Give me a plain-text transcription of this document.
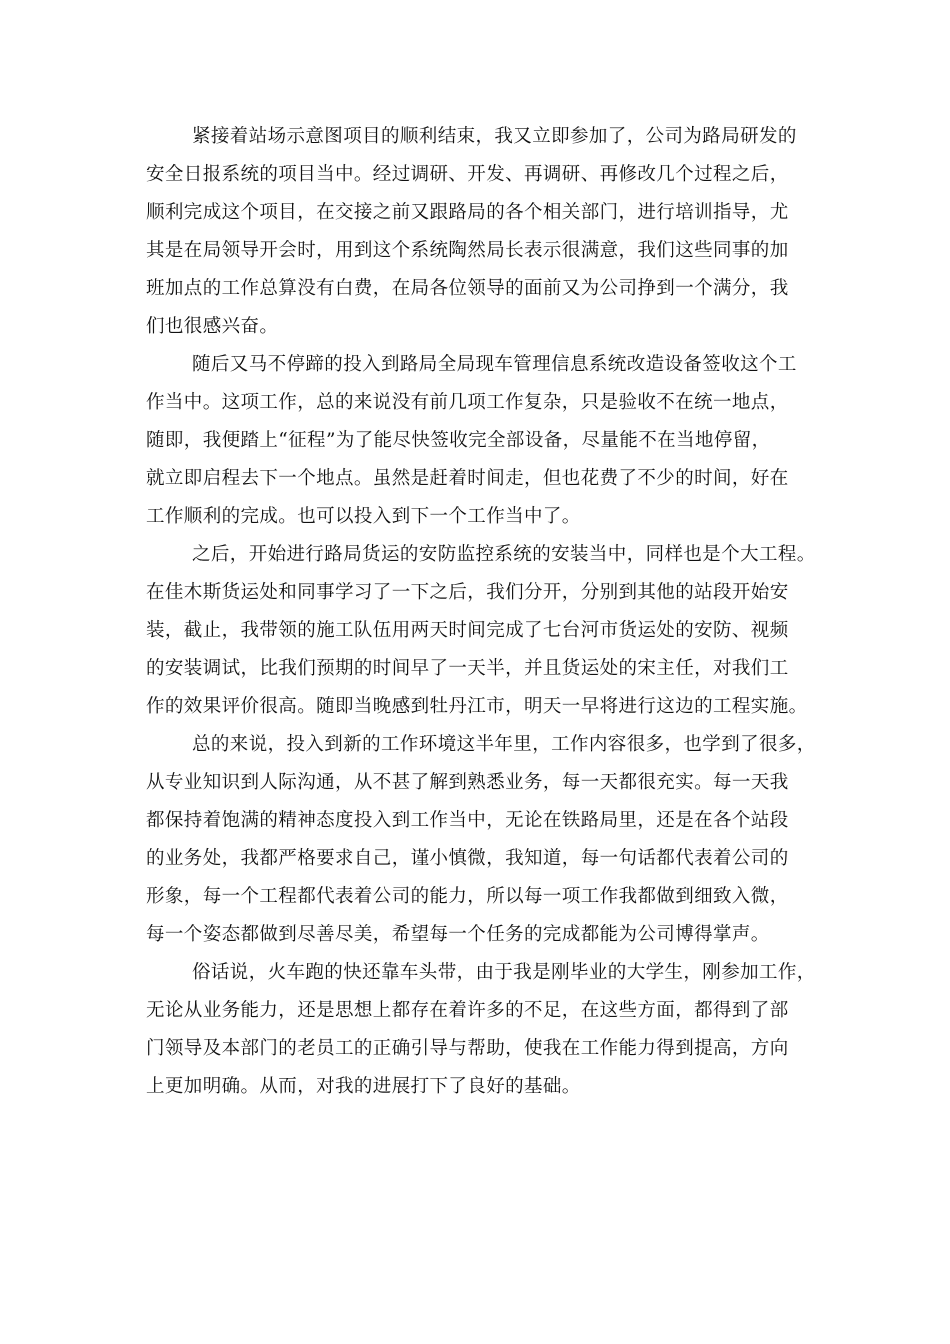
紧接着站场示意图项目的顺利结束，我又立即参加了，公司为路局研发的
安全日报系统的项目当中。经过调研、开发、再调研、再修改几个过程之后，
顺利完成这个项目，在交接之前又跟路局的各个相关部门，进行培训指导，尤
其是在局领导开会时，用到这个系统陶然局长表示很满意，我们这些同事的加
班加点的工作总算没有白费，在局各位领导的面前又为公司挣到一个满分，我
们也很感兴奋。
随后又马不停蹄的投入到路局全局现车管理信息系统改造设备签收这个工
作当中。这项工作，总的来说没有前几项工作复杂，只是验收不在统一地点，
随即，我便踏上“征程”为了能尽快签收完全部设备，尽量能不在当地停留，
就立即启程去下一个地点。虽然是赶着时间走，但也花费了不少的时间，好在
工作顺利的完成。也可以投入到下一个工作当中了。
之后，开始进行路局货运的安防监控系统的安装当中，同样也是个大工程。
在佳木斯货运处和同事学习了一下之后，我们分开，分别到其他的站段开始安
装，截止，我带领的施工队伍用两天时间完成了七台河市货运处的安防、视频
的安装调试，比我们预期的时间早了一天半，并且货运处的宋主任，对我们工
作的效果评价很高。随即当晚感到牡丹江市，明天一早将进行这边的工程实施。
总的来说，投入到新的工作环境这半年里，工作内容很多，也学到了很多，
从专业知识到人际沟通，从不甚了解到熟悉业务，每一天都很充实。每一天我
都保持着饱满的精神态度投入到工作当中，无论在铁路局里，还是在各个站段
的业务处，我都严格要求自己，谨小慎微，我知道，每一句话都代表着公司的
形象，每一个工程都代表着公司的能力，所以每一项工作我都做到细致入微，
每一个姿态都做到尽善尽美，希望每一个任务的完成都能为公司博得掌声。
俗话说，火车跑的快还靠车头带，由于我是刚毕业的大学生，刚参加工作，
无论从业务能力，还是思想上都存在着许多的不足，在这些方面，都得到了部
门领导及本部门的老员工的正确引导与帮助，使我在工作能力得到提高，方向
上更加明确。从而，对我的进展打下了良好的基础。
